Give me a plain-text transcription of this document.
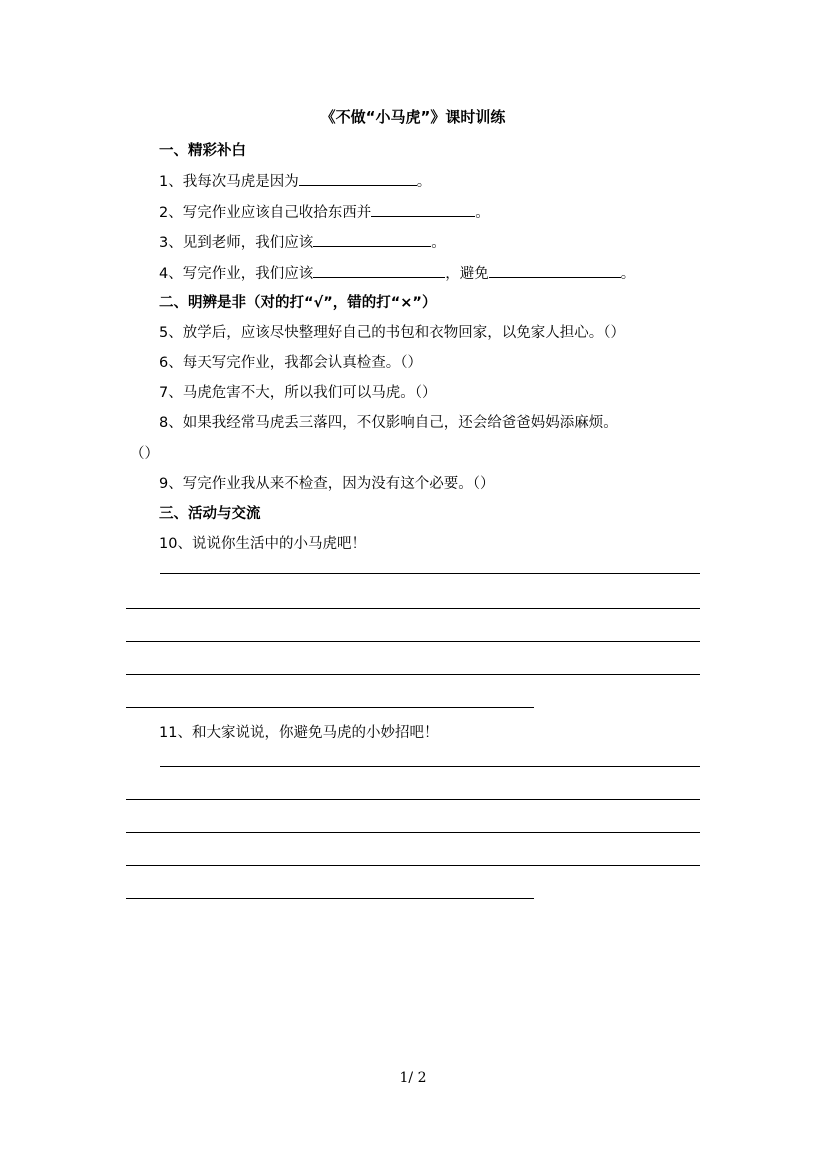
《不做“小马虎”》课时训练
一、精彩补白
1、我每次马虎是因为	。
2、写完作业应该自己收拾东西并	。
3、见到老师，我们应该	。
4、写完作业，我们应该	，避免	。
二、明辨是非（对的打“√”，错的打“×”）
5、放学后，应该尽快整理好自己的书包和衣物回家，以免家人担心。（）
6、每天写完作业，我都会认真检查。（）
7、马虎危害不大，所以我们可以马虎。（）
8、如果我经常马虎丢三落四，不仅影响自己，还会给爸爸妈妈添麻烦。
（）
9、写完作业我从来不检查，因为没有这个必要。（）
三、活动与交流
10、说说你生活中的小马虎吧！
11、和大家说说，你避免马虎的小妙招吧！
1/ 2
